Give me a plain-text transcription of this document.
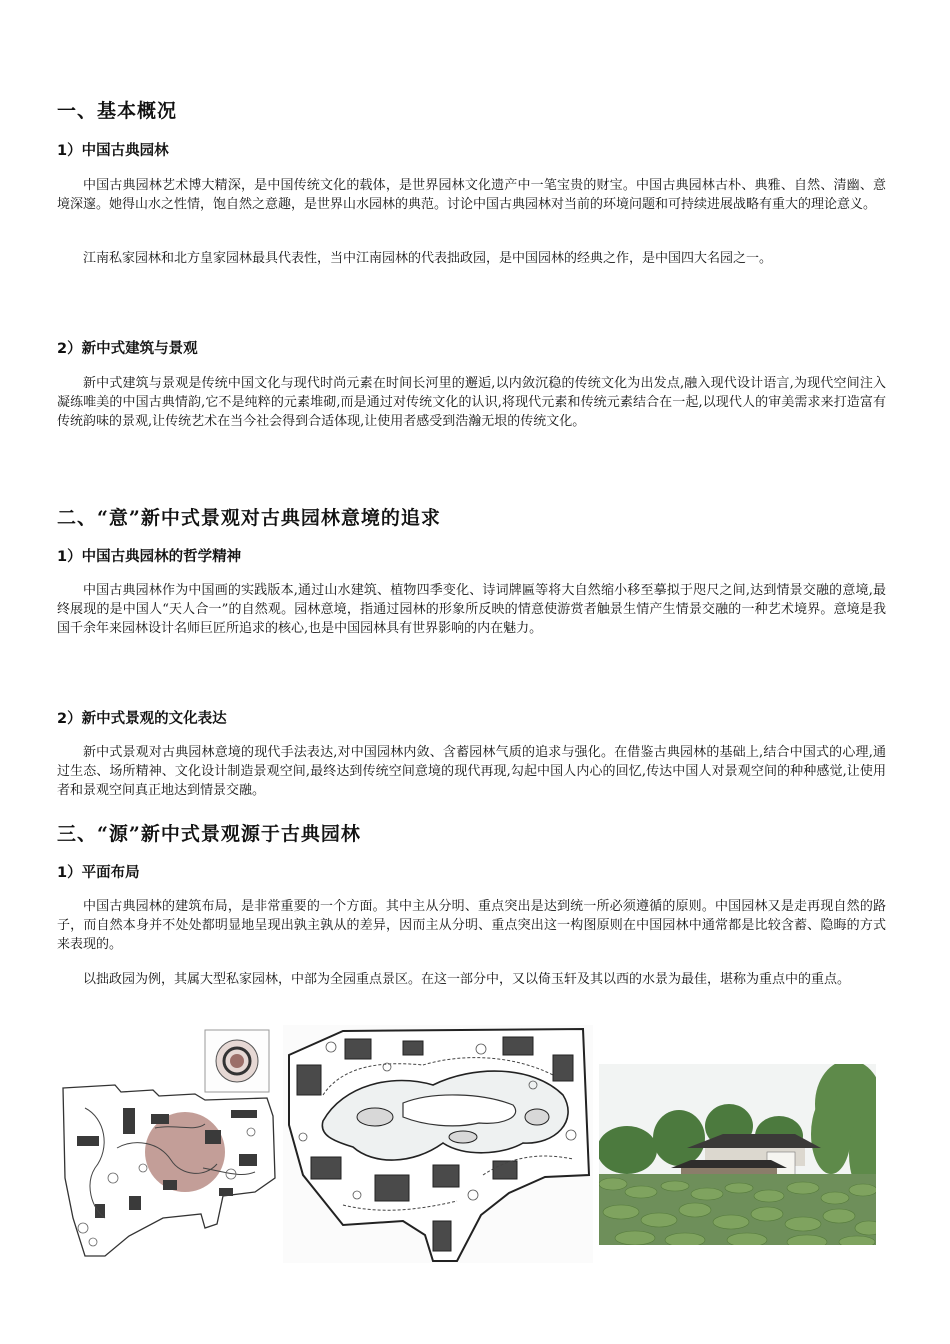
一、基本概况
1）中国古典园林

中国古典园林艺术博大精深，是中国传统文化的载体，是世界园林文化遗产中一笔宝贵的财宝。中国古典园林古朴、典雅、自然、清幽、意境深邃。她得山水之性情，饱自然之意趣，是世界山水园林的典范。讨论中国古典园林对当前的环境问题和可持续进展战略有重大的理论意义。

江南私家园林和北方皇家园林最具代表性，当中江南园林的代表拙政园，是中国园林的经典之作，是中国四大名园之一。

2）新中式建筑与景观

新中式建筑与景观是传统中国文化与现代时尚元素在时间长河里的邂逅,以内敛沉稳的传统文化为出发点,融入现代设计语言,为现代空间注入凝练唯美的中国古典情韵,它不是纯粹的元素堆砌,而是通过对传统文化的认识,将现代元素和传统元素结合在一起,以现代人的审美需求来打造富有传统韵味的景观,让传统艺术在当今社会得到合适体现,让使用者感受到浩瀚无垠的传统文化。

二、“意”新中式景观对古典园林意境的追求
1）中国古典园林的哲学精神

中国古典园林作为中国画的实践版本,通过山水建筑、植物四季变化、诗词牌匾等将大自然缩小移至摹拟于咫尺之间,达到情景交融的意境,最终展现的是中国人“天人合一”的自然观。园林意境，指通过园林的形象所反映的情意使游赏者触景生情产生情景交融的一种艺术境界。意境是我国千余年来园林设计名师巨匠所追求的核心,也是中国园林具有世界影响的内在魅力。

2）新中式景观的文化表达

新中式景观对古典园林意境的现代手法表达,对中国园林内敛、含蓄园林气质的追求与强化。在借鉴古典园林的基础上,结合中国式的心理,通过生态、场所精神、文化设计制造景观空间,最终达到传统空间意境的现代再现,勾起中国人内心的回忆,传达中国人对景观空间的种种感觉,让使用者和景观空间真正地达到情景交融。

三、“源”新中式景观源于古典园林
1）平面布局

中国古典园林的建筑布局，是非常重要的一个方面。其中主从分明、重点突出是达到统一所必须遵循的原则。中国园林又是走再现自然的路子，而自然本身并不处处都明显地呈现出孰主孰从的差异，因而主从分明、重点突出这一构图原则在中国园林中通常都是比较含蓄、隐晦的方式来表现的。

以拙政园为例，其属大型私家园林，中部为全园重点景区。在这一部分中，又以倚玉轩及其以西的水景为最佳，堪称为重点中的重点。
